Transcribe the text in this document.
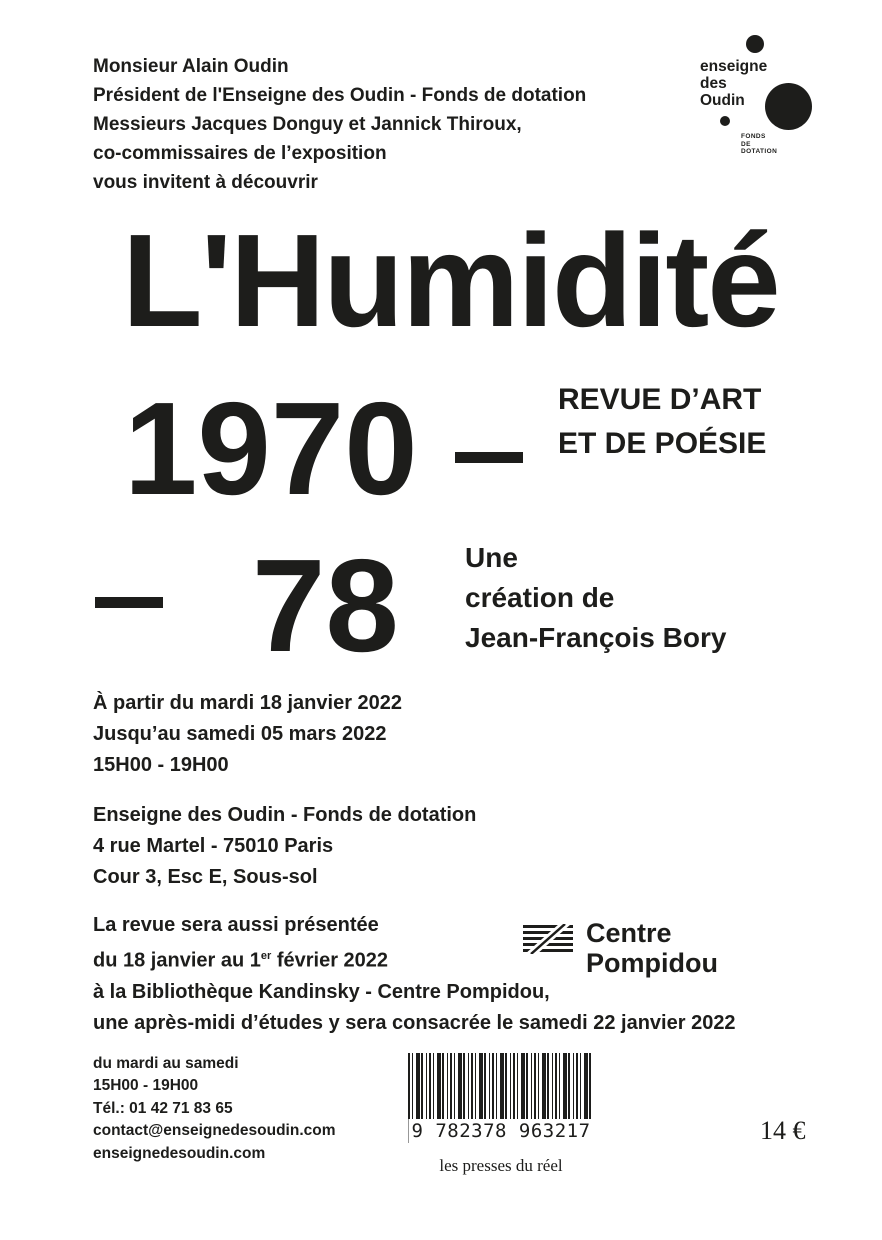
Monsieur Alain Oudin
Président de l'Enseigne des Oudin - Fonds de dotation
Messieurs Jacques Donguy et Jannick Thiroux,
co-commissaires de l’exposition
vous invitent à découvrir
enseigne
des
Oudin
FONDS
DE
DOTATION
L'Humidité
1970	REVUE D’ART
ET DE POÉSIE
78 Une
création de
Jean-François Bory
À partir du mardi 18 janvier 2022
Jusqu’au samedi 05 mars 2022
15H00 - 19H00
Enseigne des Oudin - Fonds de dotation
4 rue Martel - 75010 Paris
Cour 3, Esc E, Sous-sol
La revue sera aussi présentée
du 18 janvier au 1er février 2022
à la Bibliothèque Kandinsky - Centre Pompidou,
une après-midi d’études y sera consacrée le samedi 22 janvier 2022
Centre
Pompidou
du mardi au samedi
15H00 - 19H00
Tél.: 01 42 71 83 65
contact@enseignedesoudin.com
enseignedesoudin.com
9 782378 963217
les presses du réel
14 €
